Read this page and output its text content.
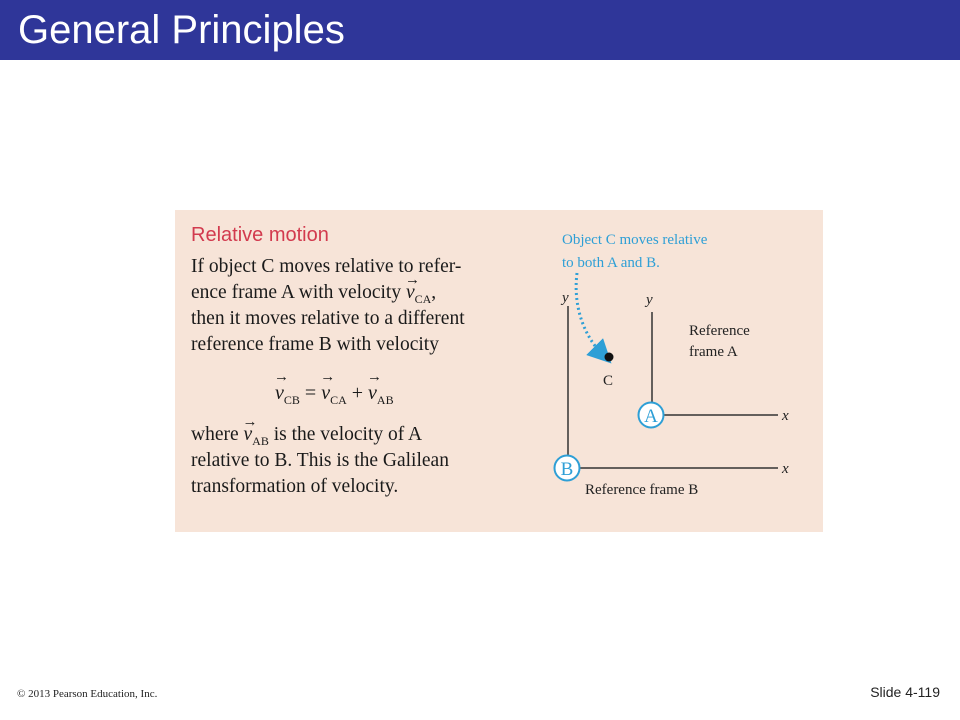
General Principles
Relative motion
If object C moves relative to refer-
ence frame A with velocity → $v_{CA}$,
then it moves relative to a different
reference frame B with velocity
→ $v_{CB}$ = → $v_{CA}$ + → $v_{AB}$
where → $v_{AB}$ is the velocity of A
relative to B. This is the Galilean
transformation of velocity.
Object C moves relative
to both A and B.
B
y
x
Reference frame B
A
y
x
Reference
frame A
C
© 2013 Pearson Education, Inc.	Slide 4-119
